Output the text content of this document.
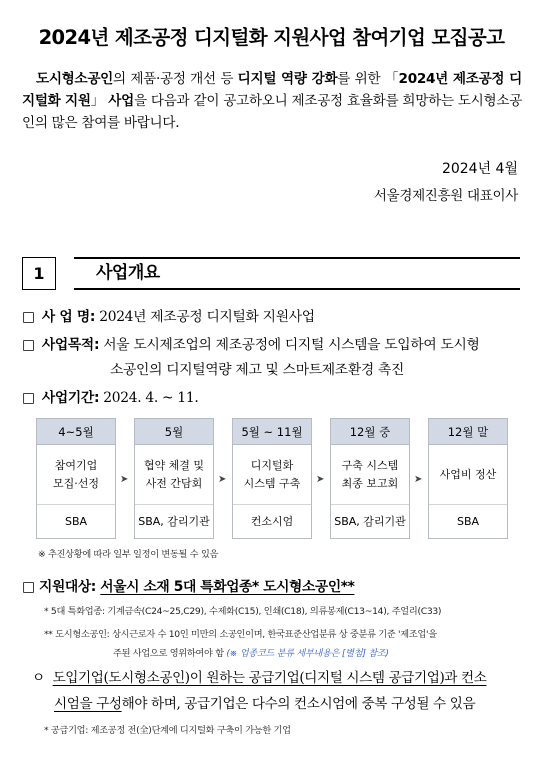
2024년 제조공정 디지털화 지원사업 참여기업 모집공고
도시형소공인의 제품·공정 개선 등 디지털 역량 강화를 위한 「2024년 제조공정 디지털화 지원」 사업을 다음과 같이 공고하오니 제조공정 효율화를 희망하는 도시형소공인의 많은 참여를 바랍니다.
2024년 4월
서울경제진흥원 대표이사
1	사업개요
□ 사 업 명: 2024년 제조공정 디지털화 지원사업
□ 사업목적: 서울 도시제조업의 제조공정에 디지털 시스템을 도입하여 도시형
소공인의 디지털역량 제고 및 스마트제조환경 촉진
□ 사업기간: 2024. 4. ~ 11.
4~5월
참여기업
모집·선정
SBA
➤
5월
협약 체결 및
사전 간담회
SBA, 감리기관
➤
5월 ~ 11월
디지털화
시스템 구축
컨소시엄
➤
12월 중
구축 시스템
최종 보고회
SBA, 감리기관
➤
12월 말
사업비 정산
SBA
※ 추진상황에 따라 일부 일정이 변동될 수 있음
□ 지원대상: 서울시 소재 5대 특화업종* 도시형소공인**
* 5대 특화업종: 기계금속(C24~25,C29), 수제화(C15), 인쇄(C18), 의류봉제(C13~14), 주얼리(C33)
** 도시형소공인: 상시근로자 수 10인 미만의 소공인이며, 한국표준산업분류 상 중분류 기준 '제조업'을
주된 사업으로 영위하여야 함 (※ 업종코드 분류 세부내용은 [별첨] 참조)
ㅇ 도입기업(도시형소공인)이 원하는 공급기업(디지털 시스템 공급기업)과 컨소
시엄을 구성해야 하며, 공급기업은 다수의 컨소시엄에 중복 구성될 수 있음
* 공급기업: 제조공정 전(全)단계에 디지털화 구축이 가능한 기업
